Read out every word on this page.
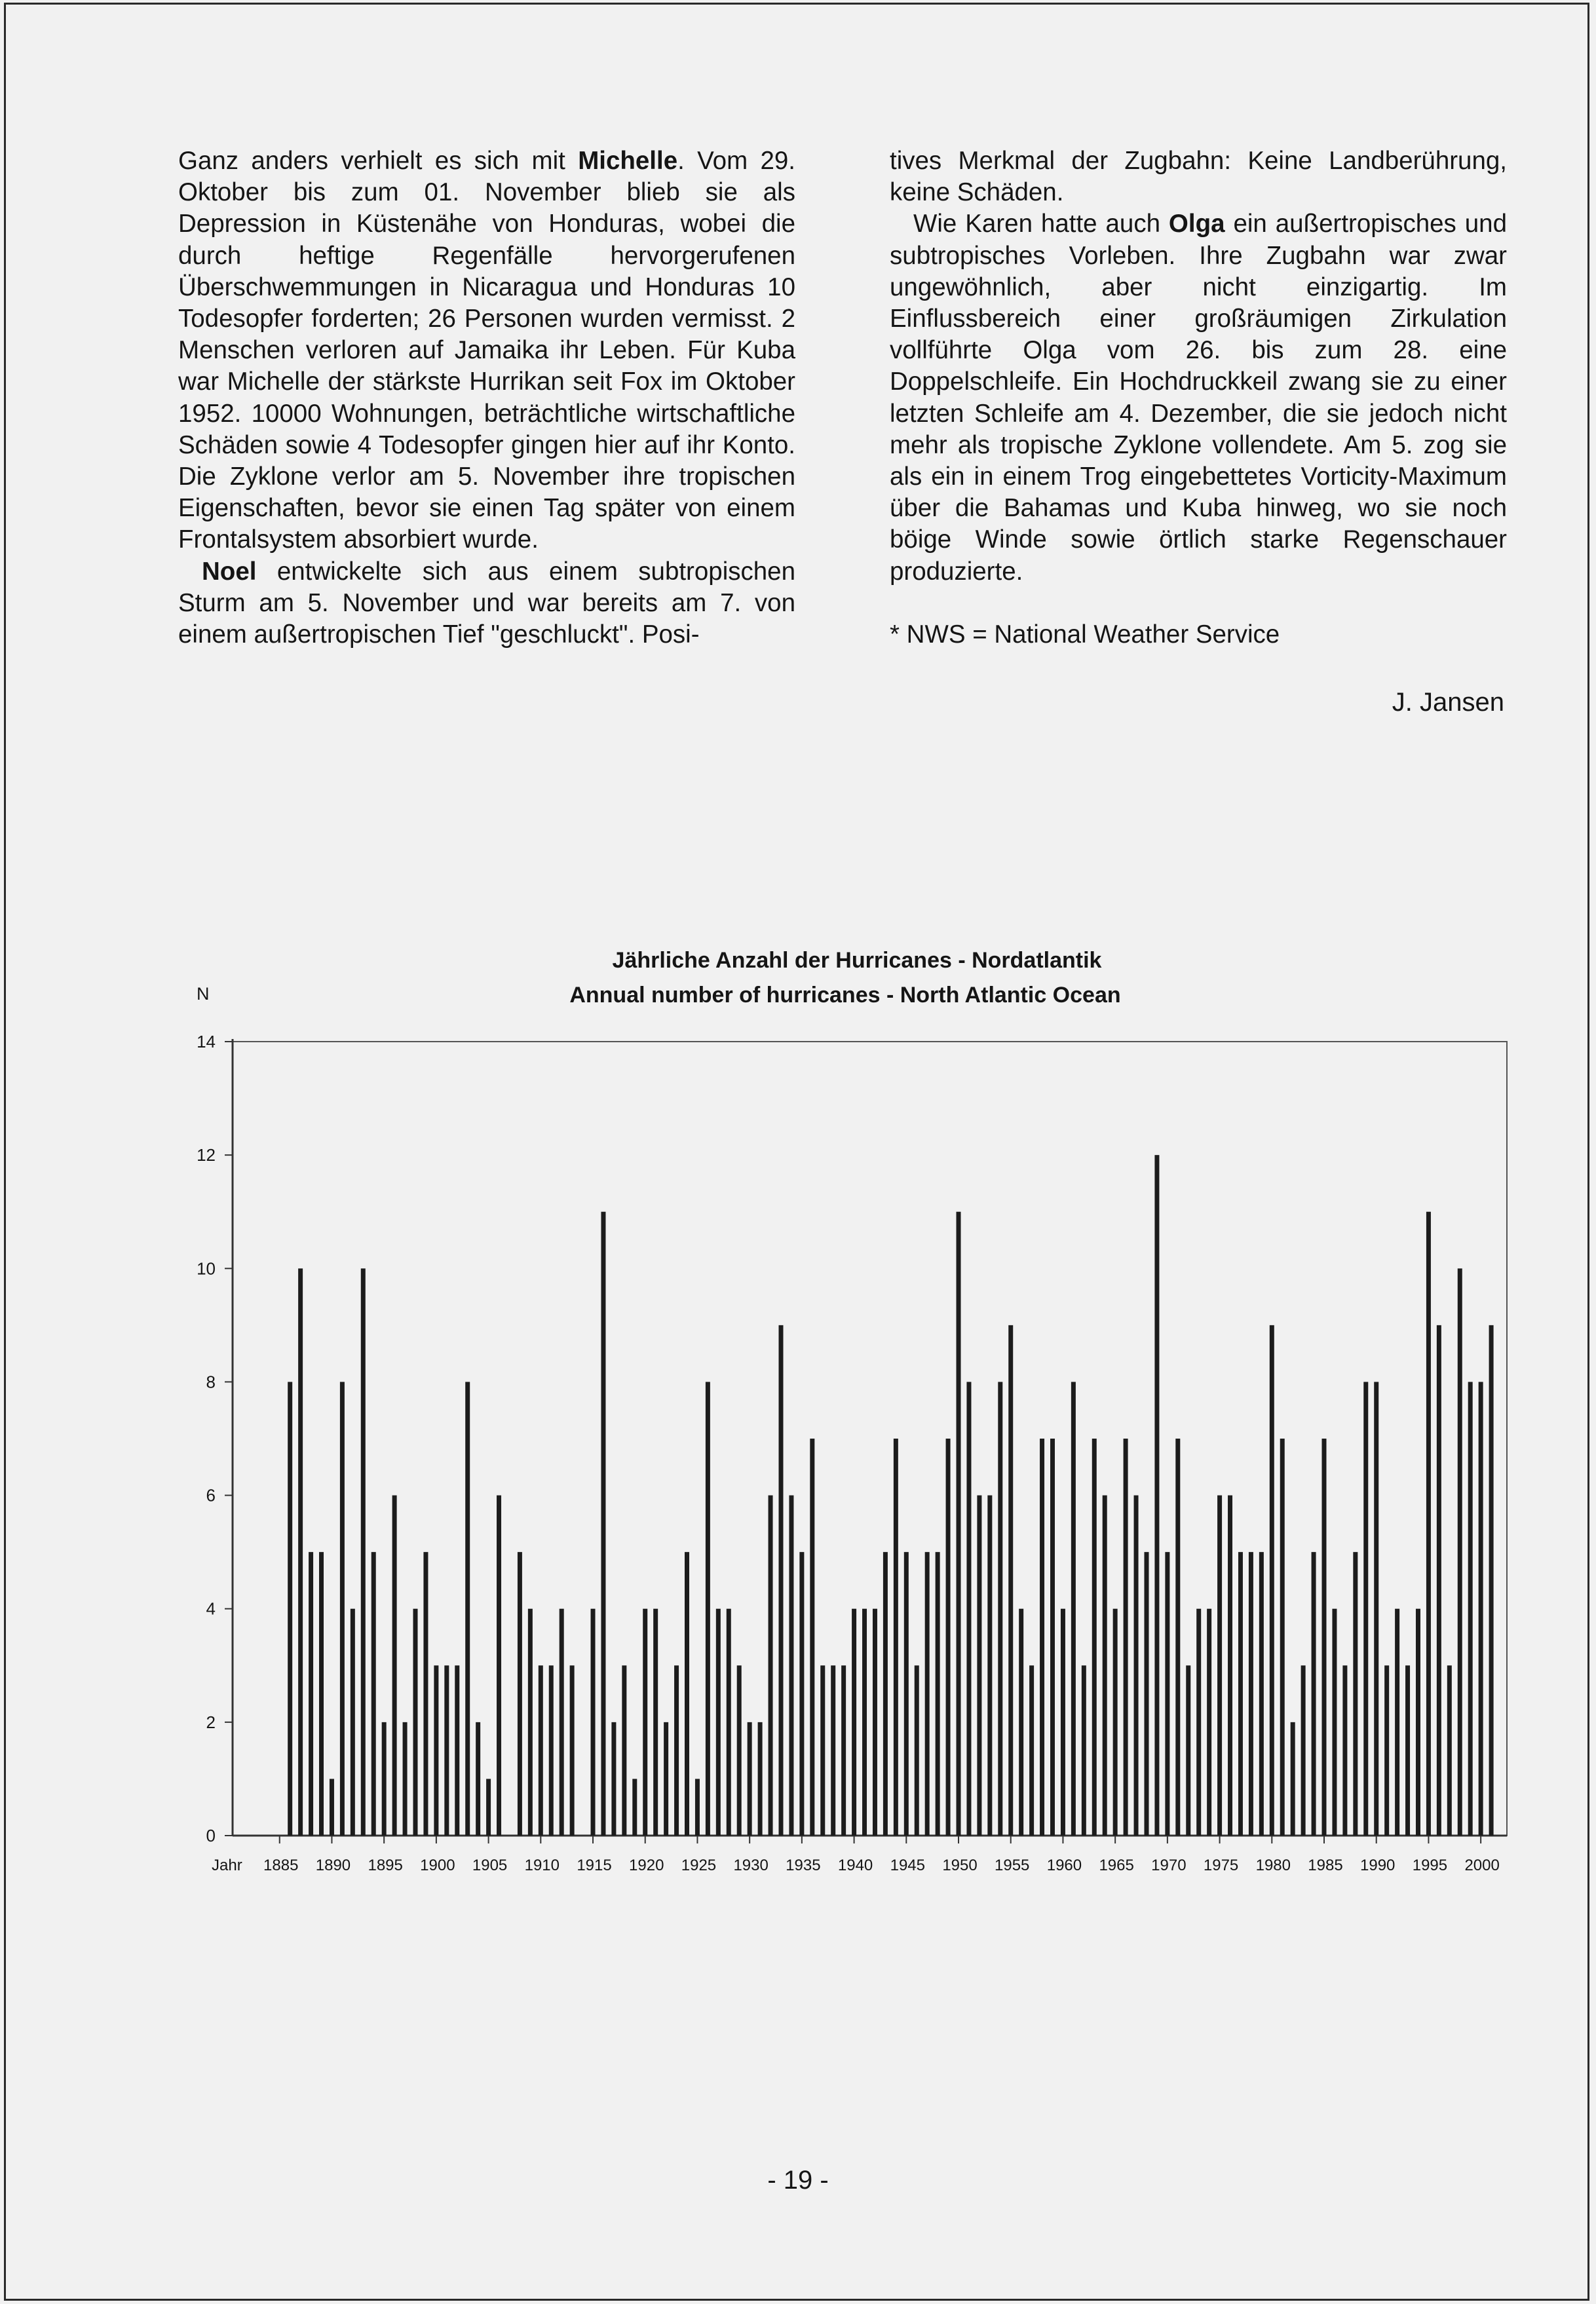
Ganz anders verhielt es sich mit Michelle. Vom 29. Oktober bis zum 01. November blieb sie als Depression in Küstenähe von Honduras, wobei die durch heftige Regenfälle hervorgerufenen Überschwemmungen in Nicaragua und Honduras 10 Todesopfer forderten; 26 Personen wurden vermisst. 2 Menschen verloren auf Jamaika ihr Leben. Für Kuba war Michelle der stärkste Hurrikan seit Fox im Oktober 1952. 10000 Wohnungen, beträchtliche wirtschaftliche Schäden sowie 4 Todesopfer gingen hier auf ihr Konto. Die Zyklone verlor am 5. November ihre tropischen Eigenschaften, bevor sie einen Tag später von einem Frontalsystem absorbiert wurde.

Noel entwickelte sich aus einem subtropischen Sturm am 5. November und war bereits am 7. von einem außertropischen Tief "geschluckt". Posi-

tives Merkmal der Zugbahn: Keine Landberührung, keine Schäden.

Wie Karen hatte auch Olga ein außertropisches und subtropisches Vorleben. Ihre Zugbahn war zwar ungewöhnlich, aber nicht einzigartig. Im Einflussbereich einer großräumigen Zirkulation vollführte Olga vom 26. bis zum 28. eine Doppelschleife. Ein Hochdruckkeil zwang sie zu einer letzten Schleife am 4. Dezember, die sie jedoch nicht mehr als tropische Zyklone vollendete. Am 5. zog sie als ein in einem Trog eingebettetes Vorticity-Maximum über die Bahamas und Kuba hinweg, wo sie noch böige Winde sowie örtlich starke Regenschauer produzierte.

* NWS = National Weather Service

J. Jansen
Jährliche Anzahl der Hurricanes - Nordatlantik
Annual number of hurricanes - North Atlantic Ocean
N
Jahr
0
2
4
6
8
10
12
14
1885 1890 1895 1900 1905 1910 1915 1920 1925 1930 1935 1940 1945 1950 1955 1960 1965 1970 1975 1980 1985 1990 1995 2000
- 19 -
